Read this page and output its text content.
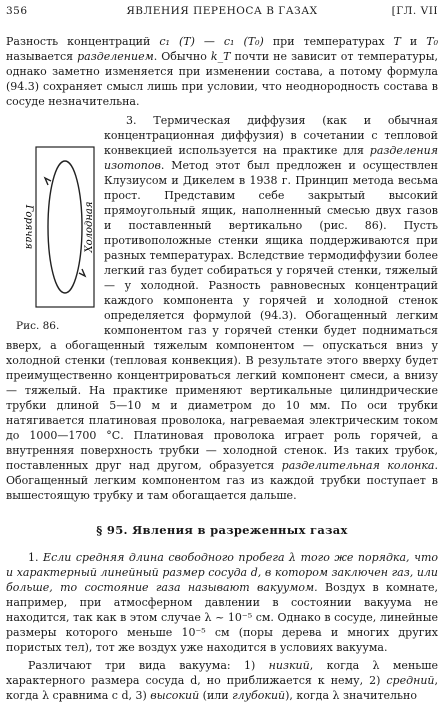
356	ЯВЛЕНИЯ ПЕРЕНОСА В ГАЗАХ	[ГЛ. VII

Разность концентраций c₁ (T) — c₁ (T₀) при температурах T и T₀ называется разделением. Обычно k_T почти не зависит от температуры, однако заметно изменяется при изменении состава, а потому формула (94.3) сохраняет смысл лишь при условии, что неоднородность состава в сосуде незначительна.

Горячая	Холодная
Рис. 86.

3. Термическая диффузия (как и обычная концентрационная диффузия) в сочетании с тепловой конвекцией используется на практике для разделения изотопов. Метод этот был предложен и осуществлен Клузиусом и Дикелем в 1938 г. Принцип метода весьма прост. Представим себе закрытый высокий прямоугольный ящик, наполненный смесью двух газов и поставленный вертикально (рис. 86). Пусть противоположные стенки ящика поддерживаются при разных температурах. Вследствие термодиффузии более легкий газ будет собираться у горячей стенки, тяжелый — у холодной. Разность равновесных концентраций каждого компонента у горячей и холодной стенок определяется формулой (94.3). Обогащенный легким компонентом газ у горячей стенки будет подниматься вверх, а обогащенный тяжелым компонентом — опускаться вниз у холодной стенки (тепловая конвекция). В результате этого вверху будет преимущественно концентрироваться легкий компонент смеси, а внизу — тяжелый. На практике применяют вертикальные цилиндрические трубки длиной 5—10 м и диаметром до 10 мм. По оси трубки натягивается платиновая проволока, нагреваемая электрическим током до 1000—1700 °С. Платиновая проволока играет роль горячей, а внутренняя поверхность трубки — холодной стенок. Из таких трубок, поставленных друг над другом, образуется разделительная колонка. Обогащенный легким компонентом газ из каждой трубки поступает в вышестоящую трубку и там обогащается дальше.

§ 95. Явления в разреженных газах

1. Если средняя длина свободного пробега λ того же порядка, что и характерный линейный размер сосуда d, в котором заключен газ, или больше, то состояние газа называют вакуумом. Воздух в комнате, например, при атмосферном давлении в состоянии вакуума не находится, так как в этом случае λ ~ 10⁻⁵ см. Однако в сосуде, линейные размеры которого меньше 10⁻⁵ см (поры дерева и многих других пористых тел), тот же воздух уже находится в условиях вакуума.

Различают три вида вакуума: 1) низкий, когда λ меньше характерного размера сосуда d, но приближается к нему, 2) средний, когда λ сравнима с d, 3) высокий (или глубокий), когда λ значительно
